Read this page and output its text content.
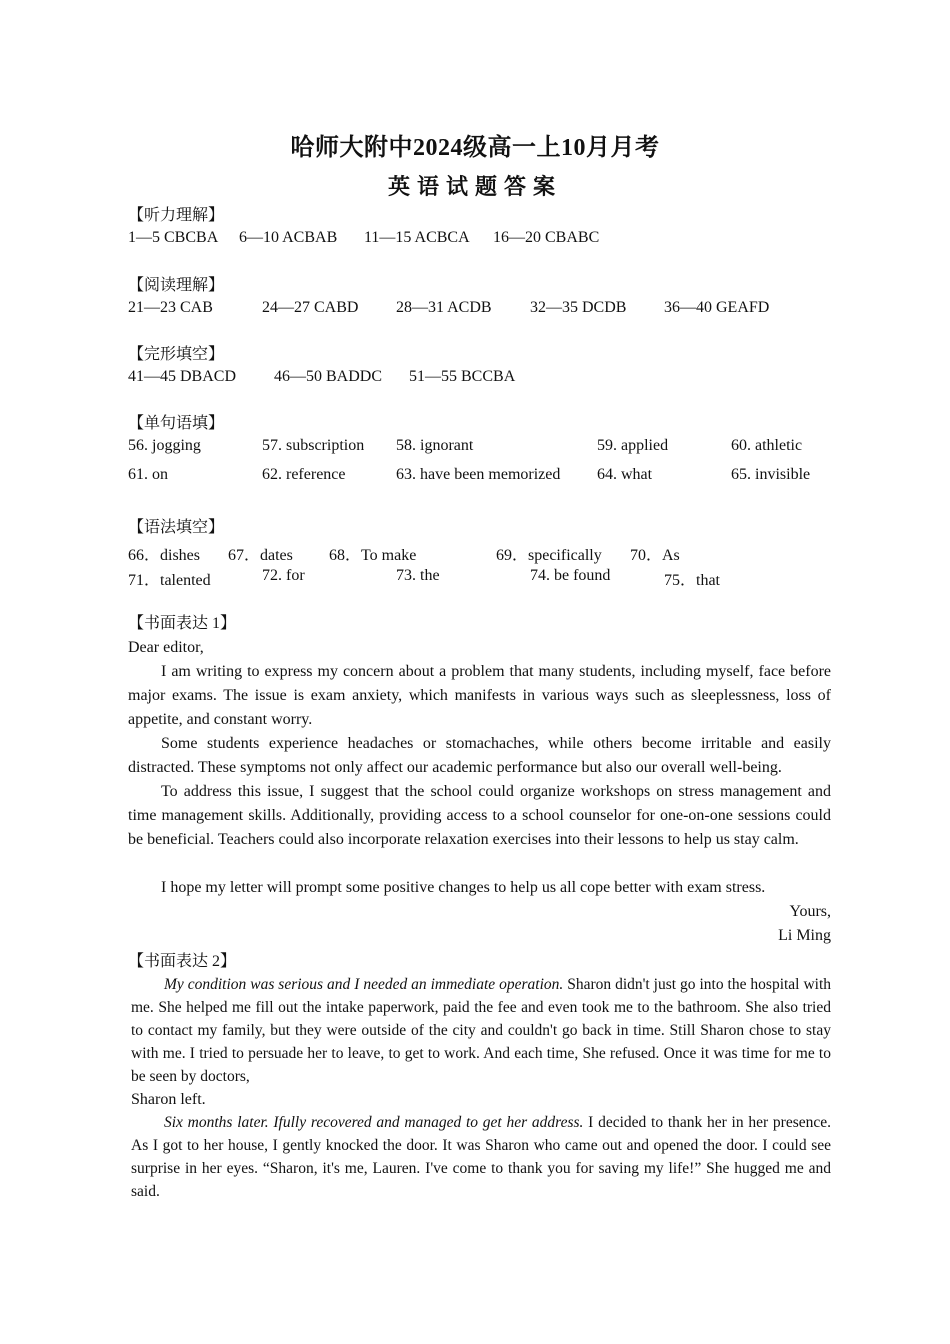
哈师大附中2024级高一上10月月考
英语试题答案
【听力理解】
1—5 CBCBA 6—10 ACBAB 11—15 ACBCA 16—20 CBABC
【阅读理解】
21—23 CAB	24—27 CABD 28—31 ACDB 32—35 DCDB 36—40 GEAFD
【完形填空】
41—45 DBACD 46—50 BADDC 51—55 BCCBA
【单句语填】
56. jogging	57. subscription 58. ignorant	59. applied	60. athletic
61. on	62. reference	63. have been memorized 64. what	65. invisible
【语法填空】
66．dishes 67．dates 68．To make	69．specifically 70．As
71．talented	72. for	73. the	74. be found	75．that
【书面表达 1】
Dear editor,
I am writing to express my concern about a problem that many students, including myself, face before major exams. The issue is exam anxiety, which manifests in various ways such as sleeplessness, loss of appetite, and constant worry.
Some students experience headaches or stomachaches, while others become irritable and easily distracted. These symptoms not only affect our academic performance but also our overall well-being.
To address this issue, I suggest that the school could organize workshops on stress management and time management skills. Additionally, providing access to a school counselor for one-on-one sessions could be beneficial. Teachers could also incorporate relaxation exercises into their lessons to help us stay calm.
I hope my letter will prompt some positive changes to help us all cope better with exam stress.
Yours,
Li Ming
【书面表达 2】
My condition was serious and I needed an immediate operation. Sharon didn't just go into the hospital with me. She helped me fill out the intake paperwork, paid the fee and even took me to the bathroom. She also tried to contact my family, but they were outside of the city and couldn't go back in time. Still Sharon chose to stay with me. I tried to persuade her to leave, to get to work. And each time, She refused. Once it was time for me to be seen by doctors,
Sharon left.
Six months later. Ifully recovered and managed to get her address. I decided to thank her in her presence. As I got to her house, I gently knocked the door. It was Sharon who came out and opened the door. I could see surprise in her eyes. “Sharon, it's me, Lauren. I've come to thank you for saving my life!” She hugged me and said.
